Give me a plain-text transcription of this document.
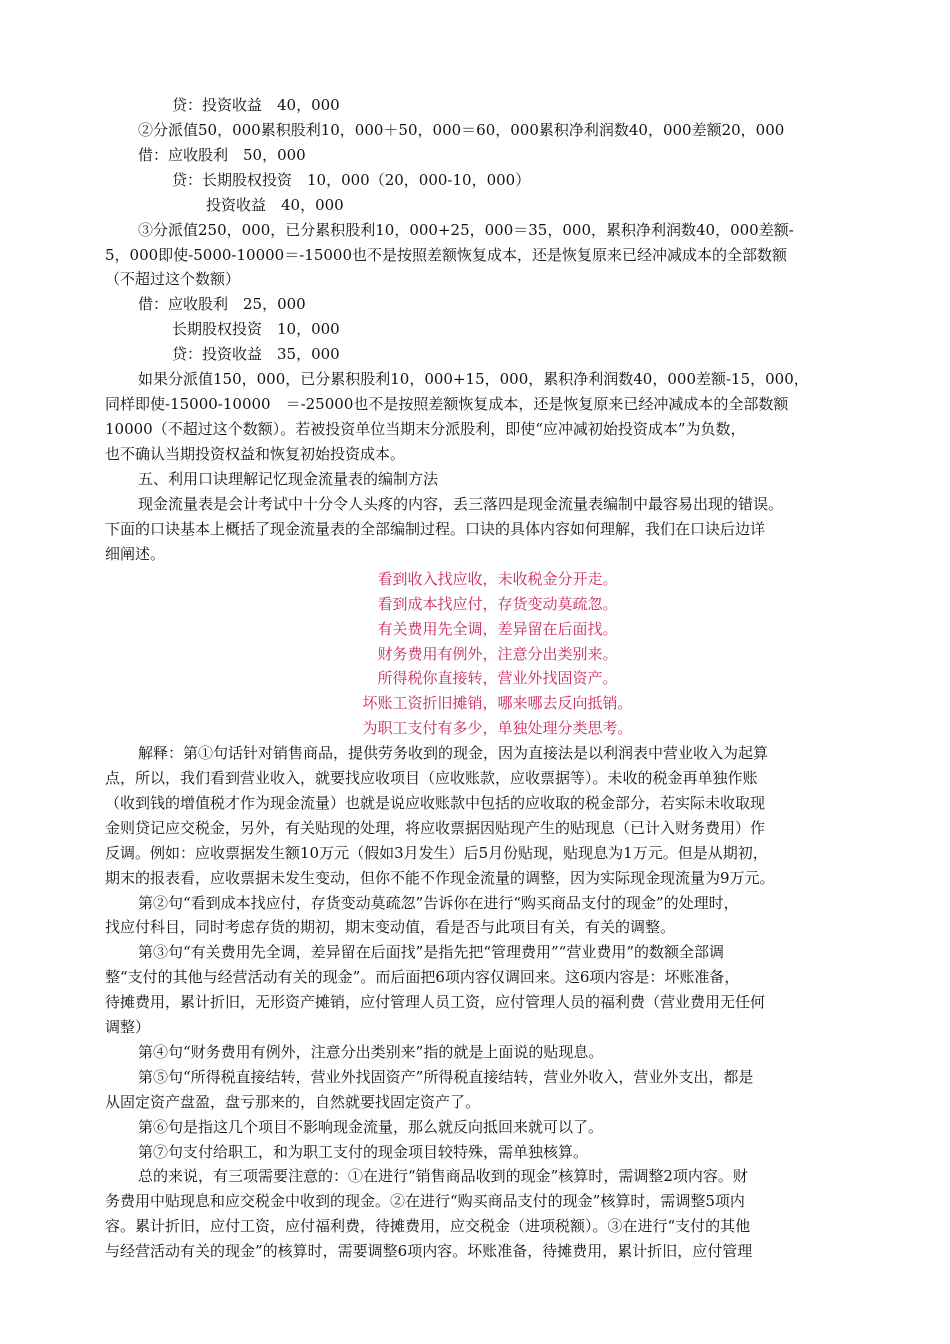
贷：投资收益　40，000
②分派值50，000累积股利10，000＋50，000＝60，000累积净利润数40，000差额20，000
借：应收股利　50，000
贷：长期股权投资　10，000（20，000-10，000）
投资收益　40，000
③分派值250，000，已分累积股利10，000+25，000＝35，000，累积净利润数40，000差额-
5，000即使-5000-10000＝-15000也不是按照差额恢复成本，还是恢复原来已经冲减成本的全部数额
（不超过这个数额）
借：应收股利　25，000
长期股权投资　10，000
贷：投资收益　35，000
如果分派值150，000，已分累积股利10，000+15，000，累积净利润数40，000差额-15，000，
同样即使-15000-10000　＝-25000也不是按照差额恢复成本，还是恢复原来已经冲减成本的全部数额
10000（不超过这个数额）。若被投资单位当期末分派股利，即使“应冲减初始投资成本”为负数，
也不确认当期投资权益和恢复初始投资成本。
五、利用口诀理解记忆现金流量表的编制方法
现金流量表是会计考试中十分令人头疼的内容，丢三落四是现金流量表编制中最容易出现的错误。
下面的口诀基本上概括了现金流量表的全部编制过程。口诀的具体内容如何理解，我们在口诀后边详
细阐述。
看到收入找应收，未收税金分开走。
看到成本找应付，存货变动莫疏忽。
有关费用先全调，差异留在后面找。
财务费用有例外，注意分出类别来。
所得税你直接转，营业外找固资产。
坏账工资折旧摊销，哪来哪去反向抵销。
为职工支付有多少，单独处理分类思考。
解释：第①句话针对销售商品，提供劳务收到的现金，因为直接法是以利润表中营业收入为起算
点，所以，我们看到营业收入，就要找应收项目（应收账款，应收票据等）。未收的税金再单独作账
（收到钱的增值税才作为现金流量）也就是说应收账款中包括的应收取的税金部分，若实际未收取现
金则贷记应交税金，另外，有关贴现的处理，将应收票据因贴现产生的贴现息（已计入财务费用）作
反调。例如：应收票据发生额10万元（假如3月发生）后5月份贴现，贴现息为1万元。但是从期初，
期末的报表看，应收票据未发生变动，但你不能不作现金流量的调整，因为实际现金现流量为9万元。
第②句“看到成本找应付，存货变动莫疏忽”告诉你在进行“购买商品支付的现金”的处理时，
找应付科目，同时考虑存货的期初，期末变动值，看是否与此项目有关，有关的调整。
第③句“有关费用先全调，差异留在后面找”是指先把“管理费用”“营业费用”的数额全部调
整“支付的其他与经营活动有关的现金”。而后面把6项内容仅调回来。这6项内容是：坏账准备，
待摊费用，累计折旧，无形资产摊销，应付管理人员工资，应付管理人员的福利费（营业费用无任何
调整）
第④句“财务费用有例外，注意分出类别来”指的就是上面说的贴现息。
第⑤句“所得税直接结转，营业外找固资产”所得税直接结转，营业外收入，营业外支出，都是
从固定资产盘盈，盘亏那来的，自然就要找固定资产了。
第⑥句是指这几个项目不影响现金流量，那么就反向抵回来就可以了。
第⑦句支付给职工，和为职工支付的现金项目较特殊，需单独核算。
总的来说，有三项需要注意的：①在进行“销售商品收到的现金”核算时，需调整2项内容。财
务费用中贴现息和应交税金中收到的现金。②在进行“购买商品支付的现金”核算时，需调整5项内
容。累计折旧，应付工资，应付福利费，待摊费用，应交税金（进项税额）。③在进行“支付的其他
与经营活动有关的现金”的核算时，需要调整6项内容。坏账准备，待摊费用，累计折旧，应付管理
